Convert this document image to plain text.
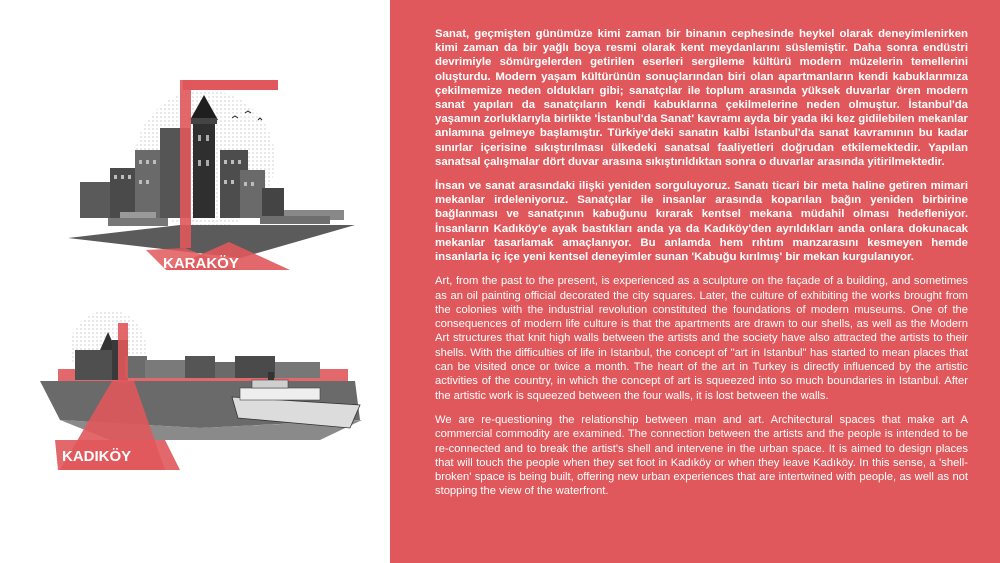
KARAKÖY
KADIKÖY

Sanat, geçmişten günümüze kimi zaman bir binanın cephesinde heykel olarak deneyimlenirken kimi zaman da bir yağlı boya resmi olarak kent meydanlarını süslemiştir. Daha sonra endüstri devrimiyle sömürgelerden getirilen eserleri sergileme kültürü modern müzelerin temellerini oluşturdu. Modern yaşam kültürünün sonuçlarından biri olan apartmanların kendi kabuklarımıza çekilmemize neden oldukları gibi; sanatçılar ile toplum arasında yüksek duvarlar ören modern sanat yapıları da sanatçıların kendi kabuklarına çekilmelerine neden olmuştur. İstanbul'da yaşamın zorluklarıyla birlikte 'İstanbul'da Sanat' kavramı ayda bir yada iki kez gidilebilen mekanlar anlamına gelmeye başlamıştır. Türkiye'deki sanatın kalbi İstanbul'da sanat kavramının bu kadar sınırlar içerisine sıkıştırılması ülkedeki sanatsal faaliyetleri doğrudan etkilemektedir. Yapılan sanatsal çalışmalar dört duvar arasına sıkıştırıldıktan sonra o duvarlar arasında yitirilmektedir.

İnsan ve sanat arasındaki ilişki yeniden sorguluyoruz. Sanatı ticari bir meta haline getiren mimari mekanlar irdeleniyoruz. Sanatçılar ile insanlar arasında koparılan bağın yeniden birbirine bağlanması ve sanatçının kabuğunu kırarak kentsel mekana müdahil olması hedefleniyor. İnsanların Kadıköy'e ayak bastıkları anda ya da Kadıköy'den ayrıldıkları anda onlara dokunacak mekanlar tasarlamak amaçlanıyor. Bu anlamda hem rıhtım manzarasını kesmeyen hemde insanlarla iç içe yeni kentsel deneyimler sunan 'Kabuğu kırılmış' bir mekan kurgulanıyor.

Art, from the past to the present, is experienced as a sculpture on the façade of a building, and sometimes as an oil painting official decorated the city squares. Later, the culture of exhibiting the works brought from the colonies with the industrial revolution constituted the foundations of modern museums. One of the consequences of modern life culture is that the apartments are drawn to our shells, as well as the Modern Art structures that knit high walls between the artists and the society have also attracted the artists to their shells. With the difficulties of life in Istanbul, the concept of "art in Istanbul" has started to mean places that can be visited once or twice a month. The heart of the art in Turkey is directly influenced by the artistic activities of the country, in which the concept of art is squeezed into so much boundaries in Istanbul. After the artistic work is squeezed between the four walls, it is lost between the walls.

We are re-questioning the relationship between man and art. Architectural spaces that make art A commercial commodity are examined. The connection between the artists and the people is intended to be re-connected and to break the artist's shell and intervene in the urban space. It is aimed to design places that will touch the people when they set foot in Kadıköy or when they leave Kadıköy. In this sense, a 'shell-broken' space is being built, offering new urban experiences that are intertwined with people, as well as not stopping the view of the waterfront.
